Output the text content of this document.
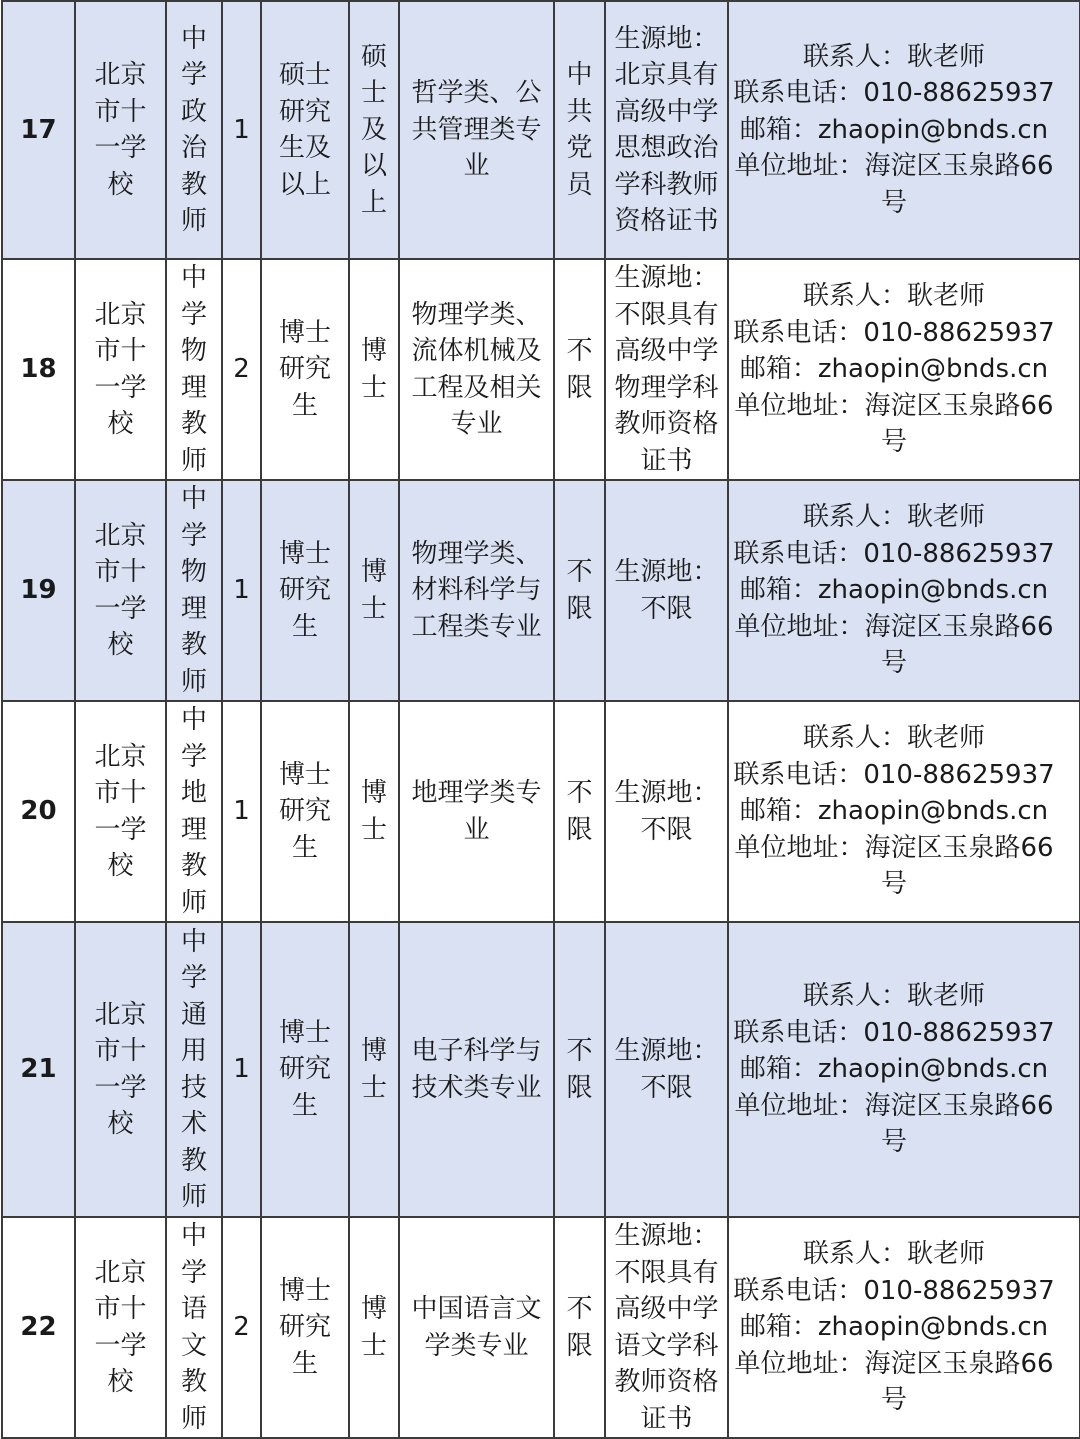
17	北京市十一学校	中学政治教师	1	硕士研究生及以上	硕士及以上	哲学类、公共管理类专业	中共党员	生源地：北京具有高级中学思想政治学科教师资格证书	联系人：耿老师
联系电话：010-88625937
邮箱：zhaopin@bnds.cn
单位地址：海淀区玉泉路66号

18	北京市十一学校	中学物理教师	2	博士研究生	博士	物理学类、流体机械及工程及相关专业	不限	生源地：不限具有高级中学物理学科教师资格证书	联系人：耿老师
联系电话：010-88625937
邮箱：zhaopin@bnds.cn
单位地址：海淀区玉泉路66号

19	北京市十一学校	中学物理教师	1	博士研究生	博士	物理学类、材料科学与工程类专业	不限	生源地：不限	联系人：耿老师
联系电话：010-88625937
邮箱：zhaopin@bnds.cn
单位地址：海淀区玉泉路66号

20	北京市十一学校	中学地理教师	1	博士研究生	博士	地理学类专业	不限	生源地：不限	联系人：耿老师
联系电话：010-88625937
邮箱：zhaopin@bnds.cn
单位地址：海淀区玉泉路66号

21	北京市十一学校	中学通用技术教师	1	博士研究生	博士	电子科学与技术类专业	不限	生源地：不限	联系人：耿老师
联系电话：010-88625937
邮箱：zhaopin@bnds.cn
单位地址：海淀区玉泉路66号

22	北京市十一学校	中学语文教师	2	博士研究生	博士	中国语言文学类专业	不限	生源地：不限具有高级中学语文学科教师资格证书	联系人：耿老师
联系电话：010-88625937
邮箱：zhaopin@bnds.cn
单位地址：海淀区玉泉路66号
